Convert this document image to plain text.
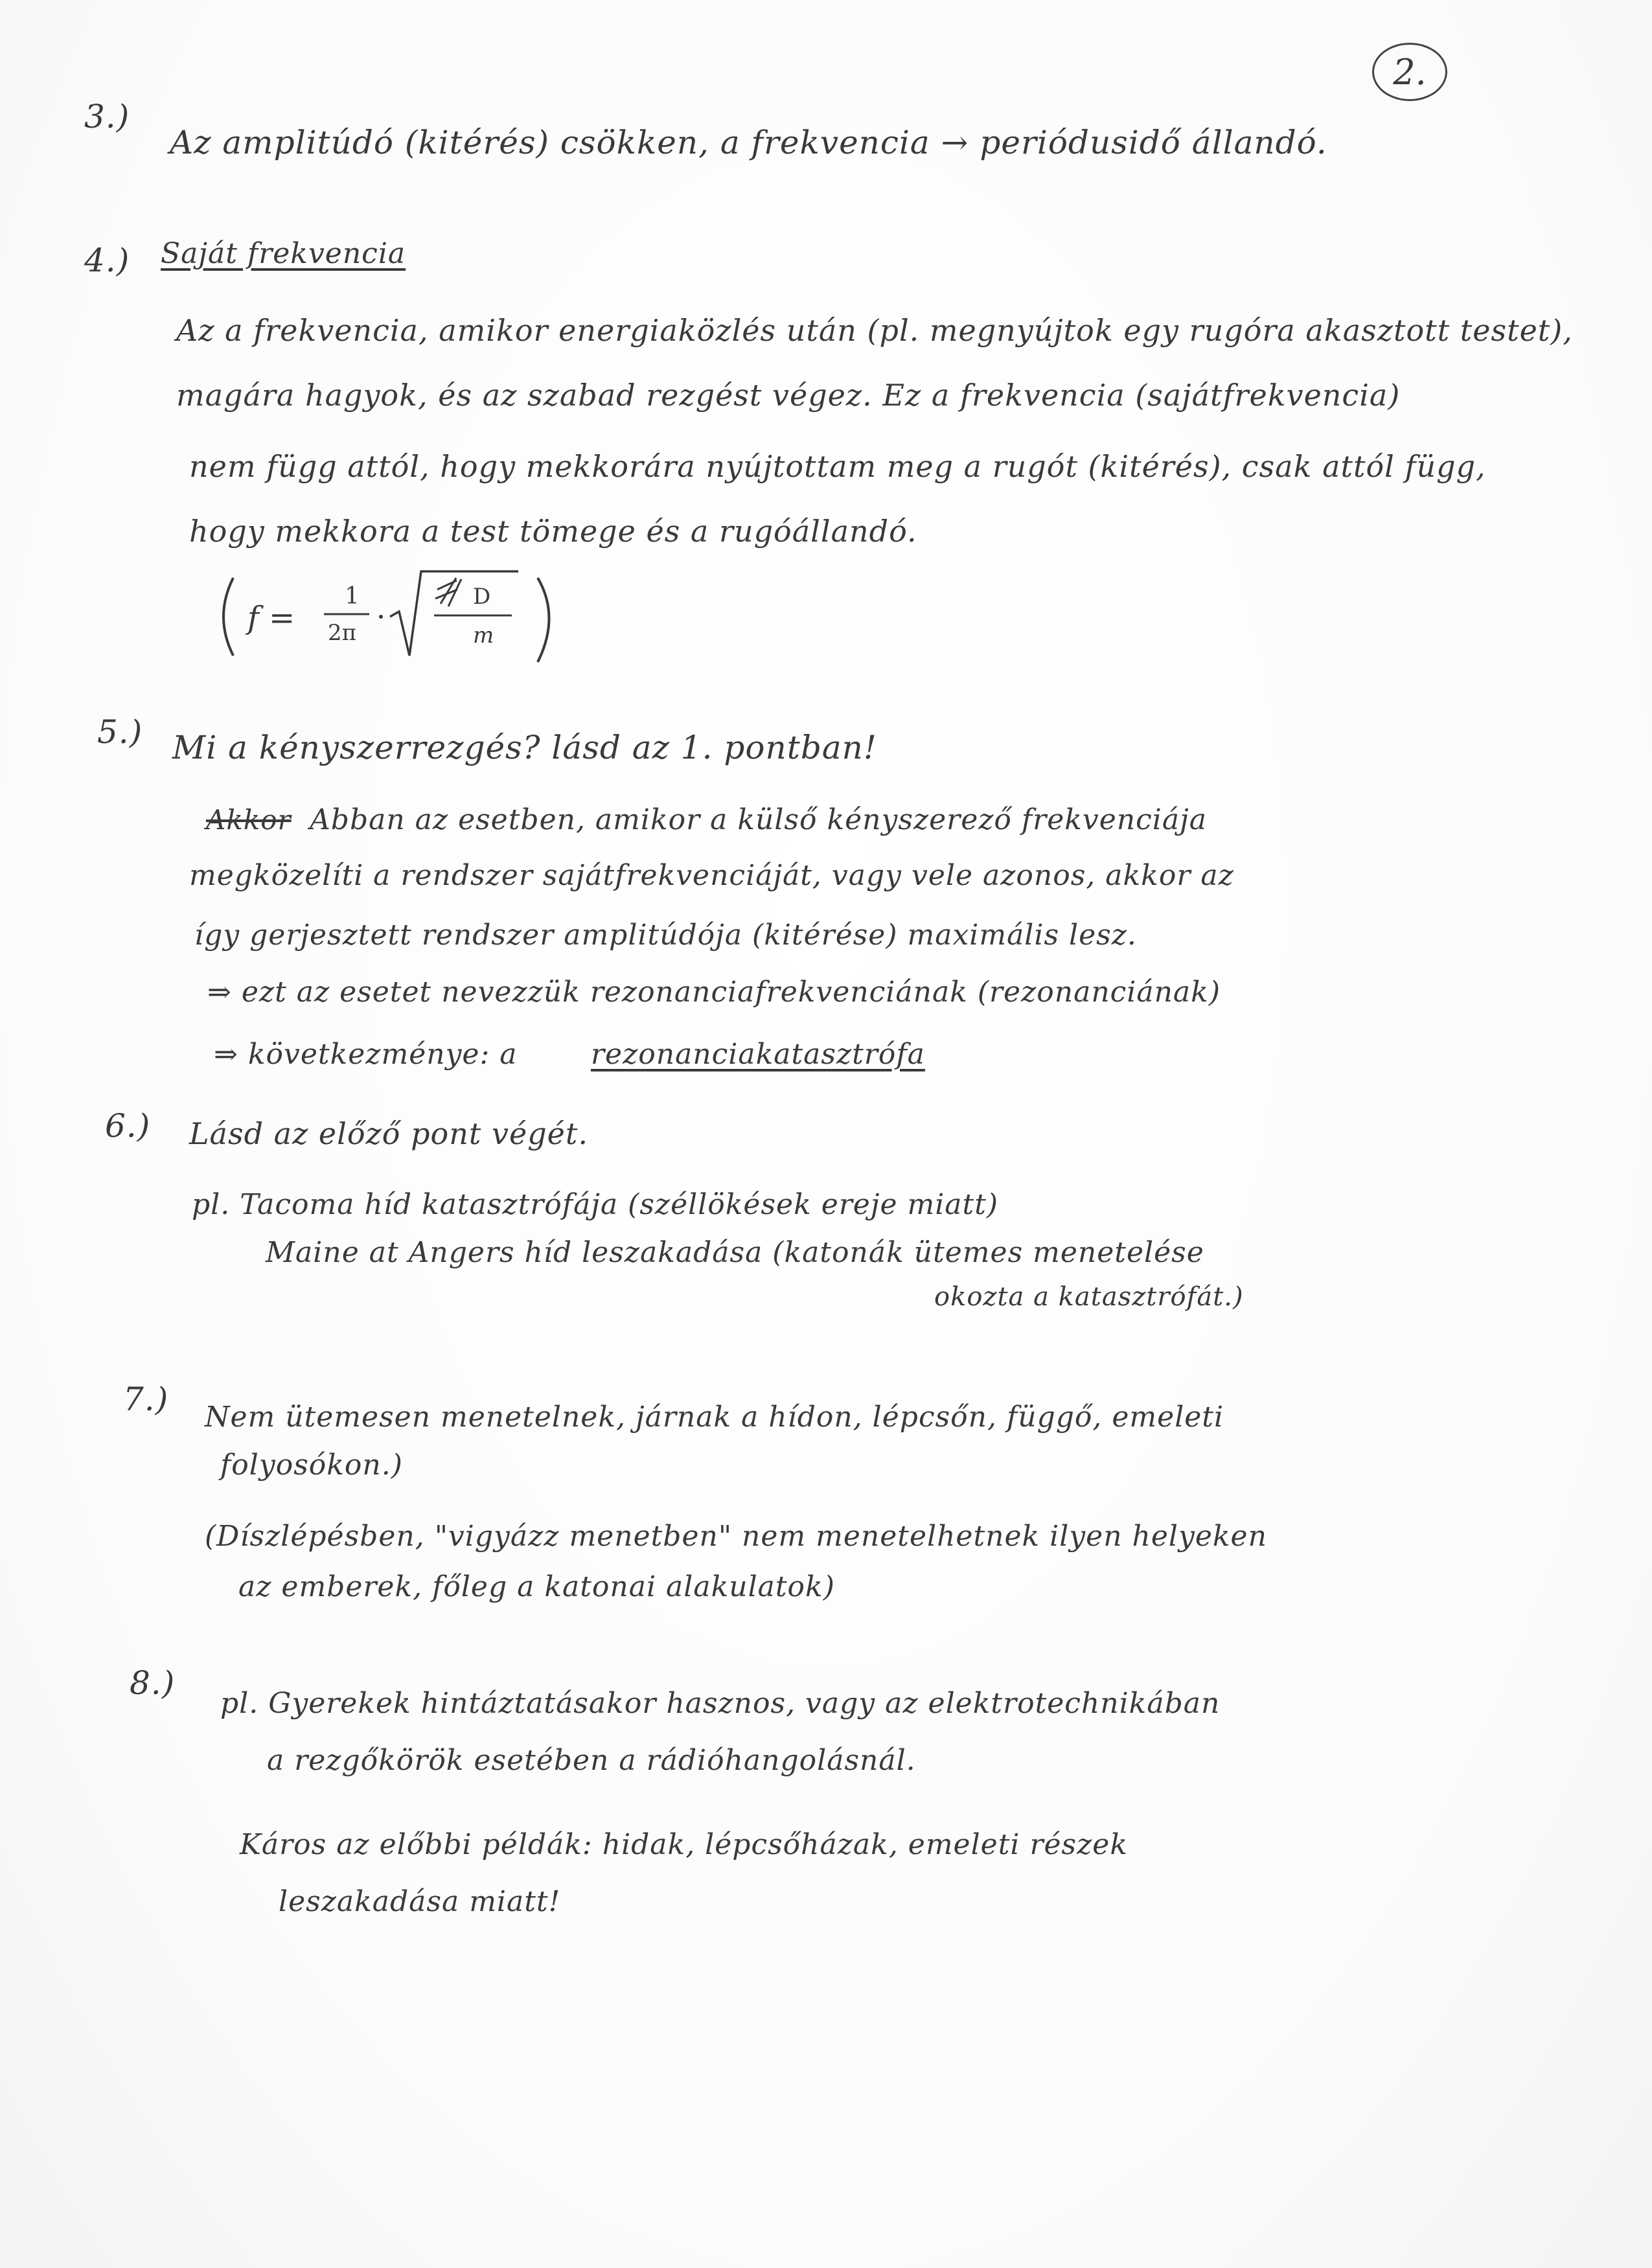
2.
3.)
Az amplitúdó (kitérés) csökken, a frekvencia → periódusidő állandó.
4.) Saját frekvencia
Az a frekvencia, amikor energiaközlés után (pl. megnyújtok egy rugóra akasztott testet),
magára hagyok, és az szabad rezgést végez. Ez a frekvencia (sajátfrekvencia)
nem függ attól, hogy mekkorára nyújtottam meg a rugót (kitérés), csak attól függ,
hogy mekkora a test tömege és a rugóállandó.
f =
1
2π
D
m
5.) Mi a kényszerrezgés? lásd az 1. pontban!
Akkor Abban az esetben, amikor a külső kényszerező frekvenciája
megközelíti a rendszer sajátfrekvenciáját, vagy vele azonos, akkor az
így gerjesztett rendszer amplitúdója (kitérése) maximális lesz.
⇒ ezt az esetet nevezzük rezonanciafrekvenciának (rezonanciának)
⇒ következménye: a	rezonanciakatasztrófa
6.) Lásd az előző pont végét.
pl. Tacoma híd katasztrófája (széllökések ereje miatt)
Maine at Angers híd leszakadása (katonák ütemes menetelése
okozta a katasztrófát.)
7.) Nem ütemesen menetelnek, járnak a hídon, lépcsőn, függő, emeleti
folyosókon.)
(Díszlépésben, "vigyázz menetben" nem menetelhetnek ilyen helyeken
az emberek, főleg a katonai alakulatok)
8.)
pl. Gyerekek hintáztatásakor hasznos, vagy az elektrotechnikában
a rezgőkörök esetében a rádióhangolásnál.
Káros az előbbi példák: hidak, lépcsőházak, emeleti részek
leszakadása miatt!
